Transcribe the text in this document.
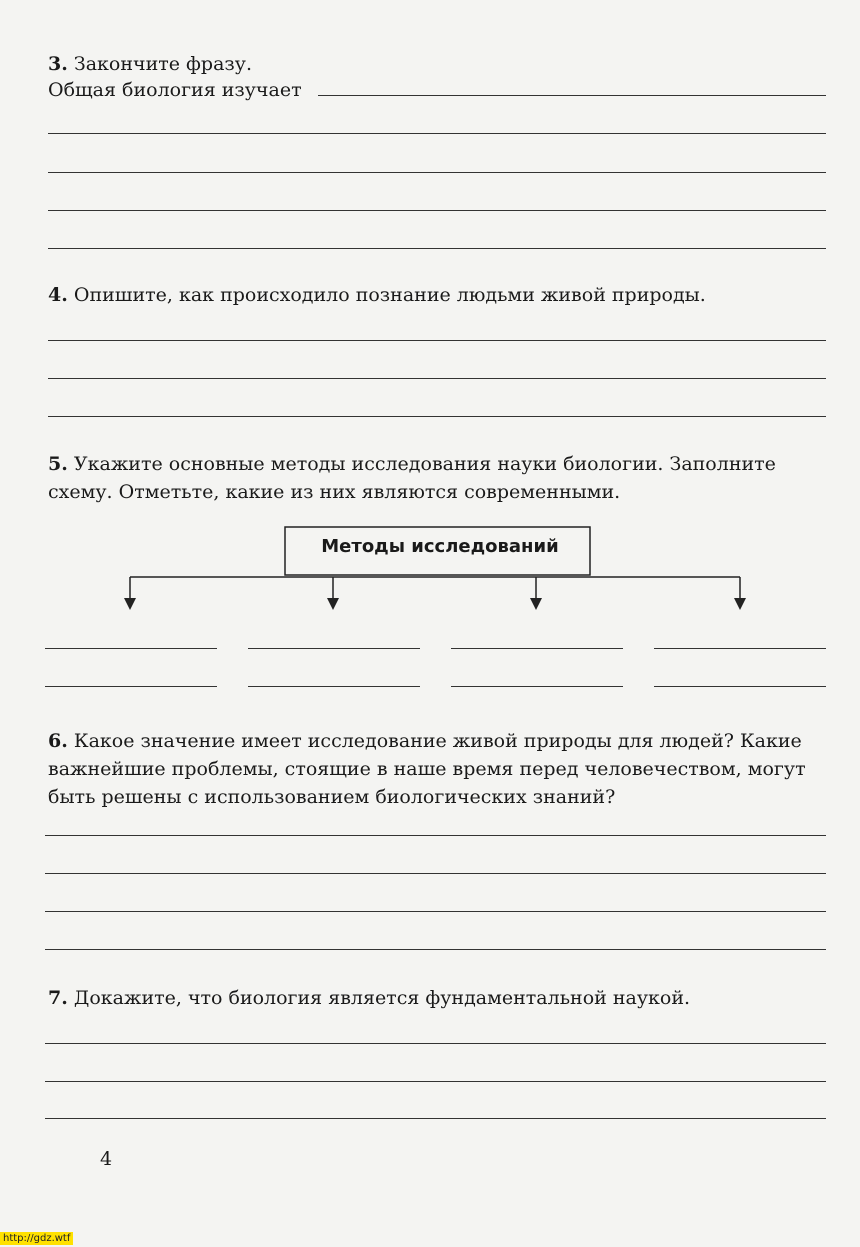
3. Закончите фразу.
Общая биология изучает
4. Опишите, как происходило познание людьми живой природы.
5. Укажите основные методы исследования науки биологии. Заполните
схему. Отметьте, какие из них являются современными.
Методы исследований
6. Какое значение имеет исследование живой природы для людей? Какие
важнейшие проблемы, стоящие в наше время перед человечеством, могут
быть решены с использованием биологических знаний?
7. Докажите, что биология является фундаментальной наукой.
4
http://gdz.wtf
